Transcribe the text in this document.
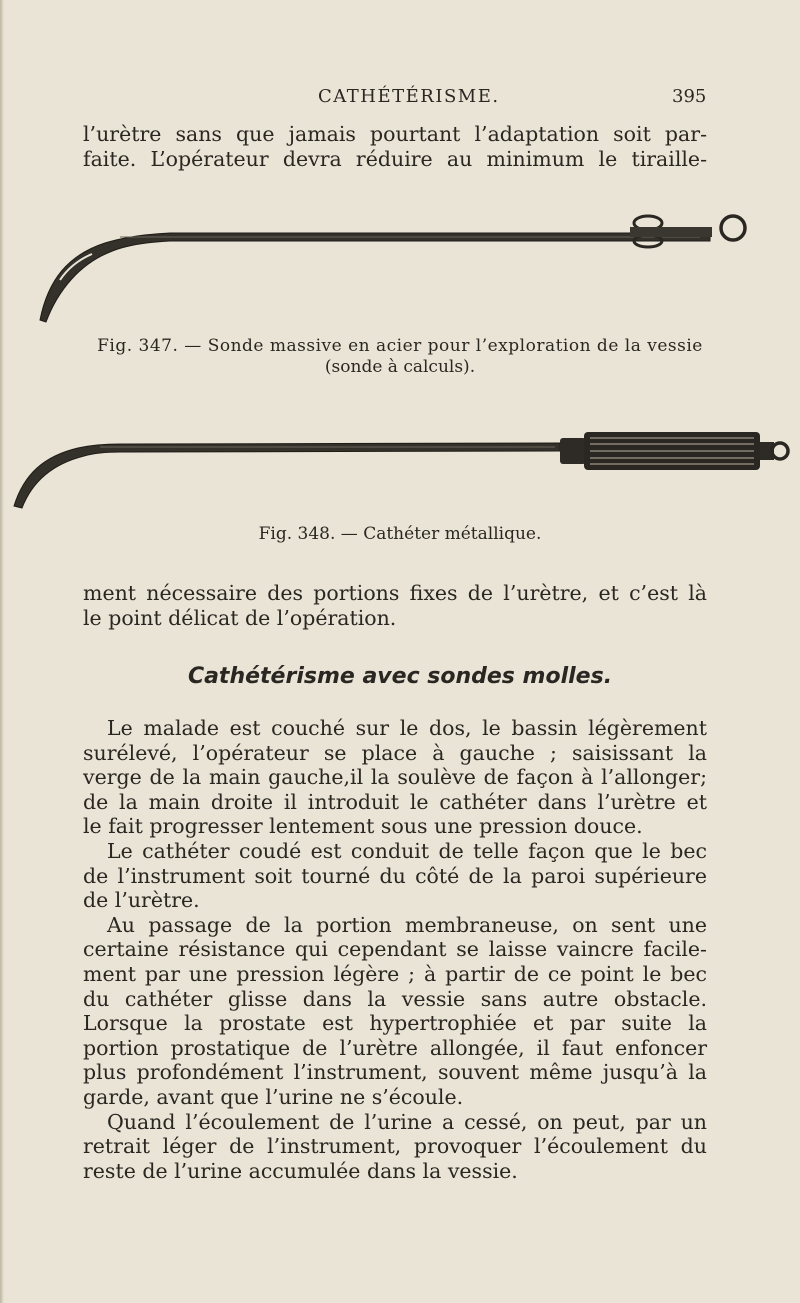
CATHÉTÉRISME.	395

l’urètre sans que jamais pourtant l’adaptation soit par-

faite. L’opérateur devra réduire au minimum le tiraille-

Fig. 347. — Sonde massive en acier pour l’exploration de la vessie
(sonde à calculs).
Fig. 348. — Cathéter métallique.

ment nécessaire des portions fixes de l’urètre, et c’est là

le point délicat de l’opération.

Cathétérisme avec sondes molles.

Le malade est couché sur le dos, le bassin légèrement

surélevé, l’opérateur se place à gauche ; saisissant la

verge de la main gauche,il la soulève de façon à l’allonger;

de la main droite il introduit le cathéter dans l’urètre et

le fait progresser lentement sous une pression douce.

Le cathéter coudé est conduit de telle façon que le bec

de l’instrument soit tourné du côté de la paroi supérieure

de l’urètre.

Au passage de la portion membraneuse, on sent une

certaine résistance qui cependant se laisse vaincre facile-

ment par une pression légère ; à partir de ce point le bec

du cathéter glisse dans la vessie sans autre obstacle.

Lorsque la prostate est hypertrophiée et par suite la

portion prostatique de l’urètre allongée, il faut enfoncer

plus profondément l’instrument, souvent même jusqu’à la

garde, avant que l’urine ne s’écoule.

Quand l’écoulement de l’urine a cessé, on peut, par un

retrait léger de l’instrument, provoquer l’écoulement du

reste de l’urine accumulée dans la vessie.
